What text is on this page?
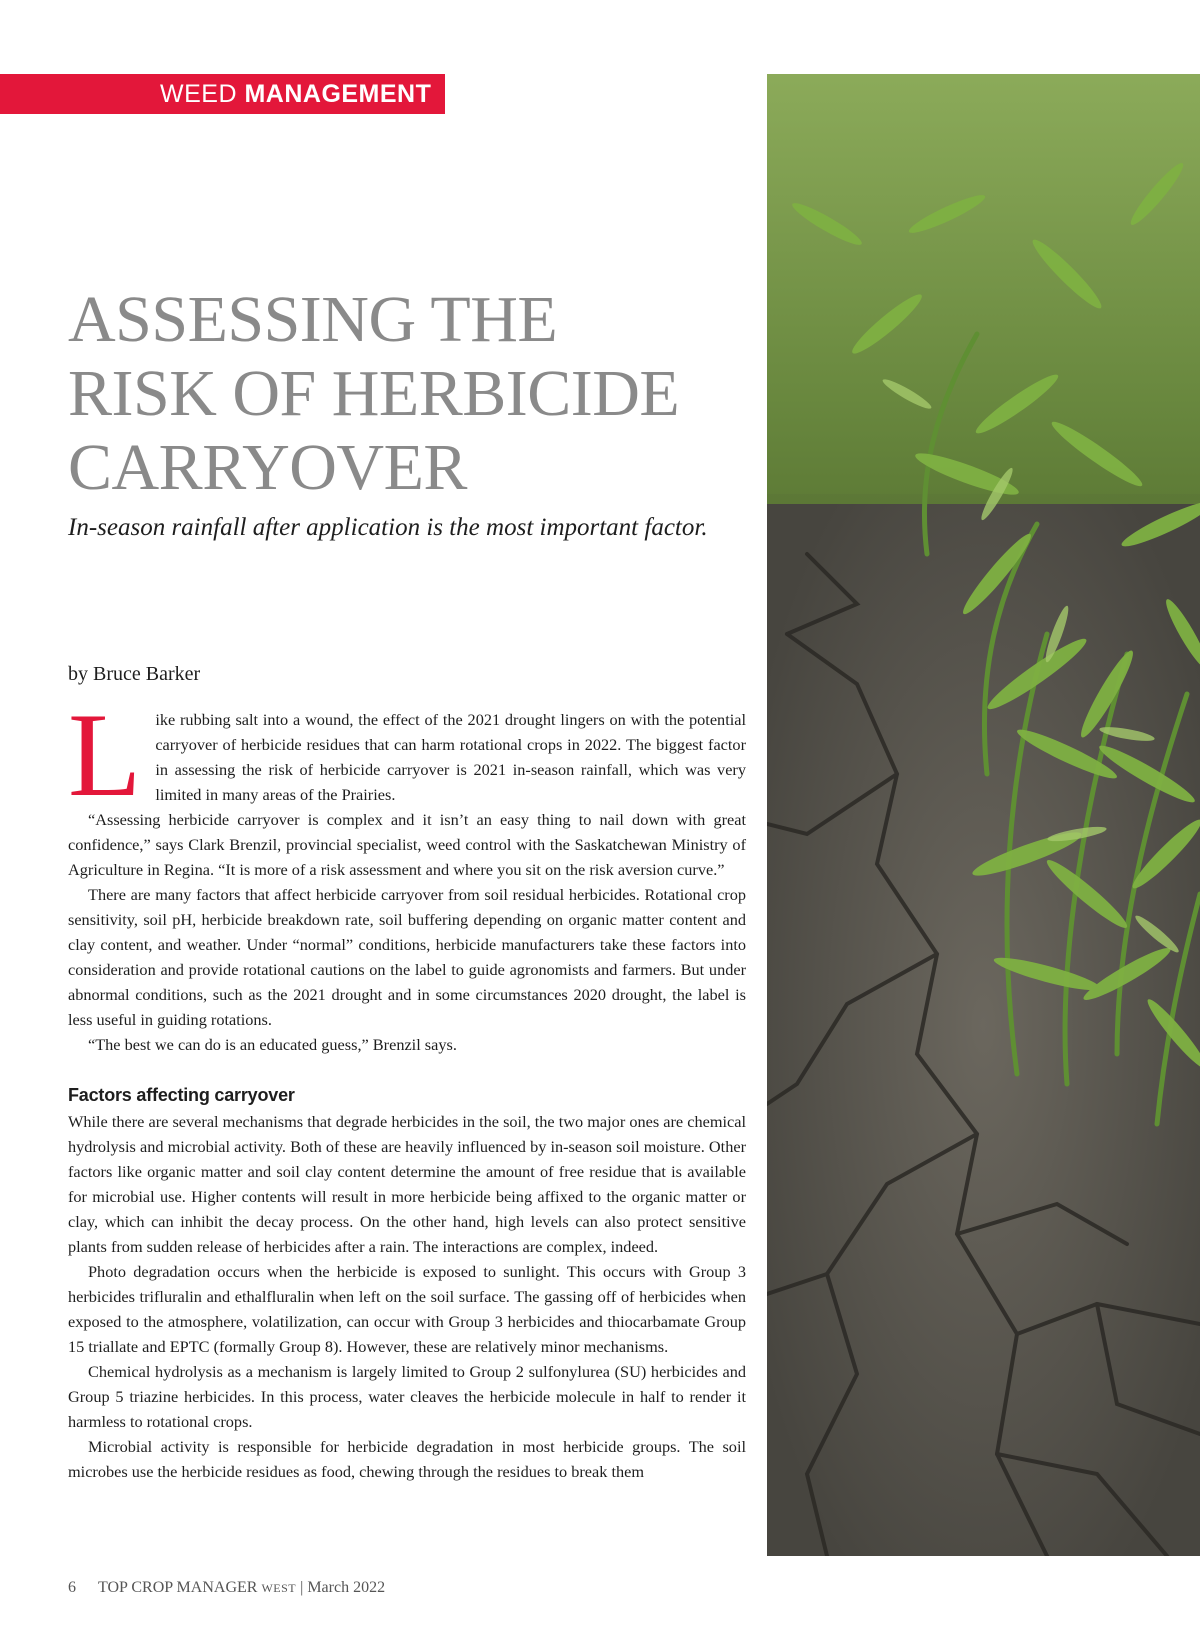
WEED MANAGEMENT
ASSESSING THE
RISK OF HERBICIDE
CARRYOVER

In-season rainfall after application is the most important factor.

by Bruce Barker

Like rubbing salt into a wound, the effect of the 2021 drought lingers on with the potential carryover of herbicide residues that can harm rotational crops in 2022. The biggest factor in assessing the risk of herbicide carryover is 2021 in-season rainfall, which was very limited in many areas of the Prairies.

“Assessing herbicide carryover is complex and it isn’t an easy thing to nail down with great confidence,” says Clark Brenzil, provincial specialist, weed control with the Saskatchewan Ministry of Agriculture in Regina. “It is more of a risk assessment and where you sit on the risk aversion curve.”

There are many factors that affect herbicide carryover from soil residual herbicides. Rotational crop sensitivity, soil pH, herbicide breakdown rate, soil buffering depending on organic matter content and clay content, and weather. Under “normal” conditions, herbicide manufacturers take these factors into consideration and provide rotational cautions on the label to guide agronomists and farmers. But under abnormal conditions, such as the 2021 drought and in some circumstances 2020 drought, the label is less useful in guiding rotations.

“The best we can do is an educated guess,” Brenzil says.

Factors affecting carryover

While there are several mechanisms that degrade herbicides in the soil, the two major ones are chemical hydrolysis and microbial activity. Both of these are heavily influenced by in-season soil moisture. Other factors like organic matter and soil clay content determine the amount of free residue that is available for microbial use. Higher contents will result in more herbicide being affixed to the organic matter or clay, which can inhibit the decay process. On the other hand, high levels can also protect sensitive plants from sudden release of herbicides after a rain. The interactions are complex, indeed.

Photo degradation occurs when the herbicide is exposed to sunlight. This occurs with Group 3 herbicides trifluralin and ethalfluralin when left on the soil surface. The gassing off of herbicides when exposed to the atmosphere, volatilization, can occur with Group 3 herbicides and thiocarbamate Group 15 triallate and EPTC (formally Group 8). However, these are relatively minor mechanisms.

Chemical hydrolysis as a mechanism is largely limited to Group 2 sulfonylurea (SU) herbicides and Group 5 triazine herbicides. In this process, water cleaves the herbicide molecule in half to render it harmless to rotational crops.

Microbial activity is responsible for herbicide degradation in most herbicide groups. The soil microbes use the herbicide residues as food, chewing through the residues to break them

6 TOP CROP MANAGER WEST | March 2022
